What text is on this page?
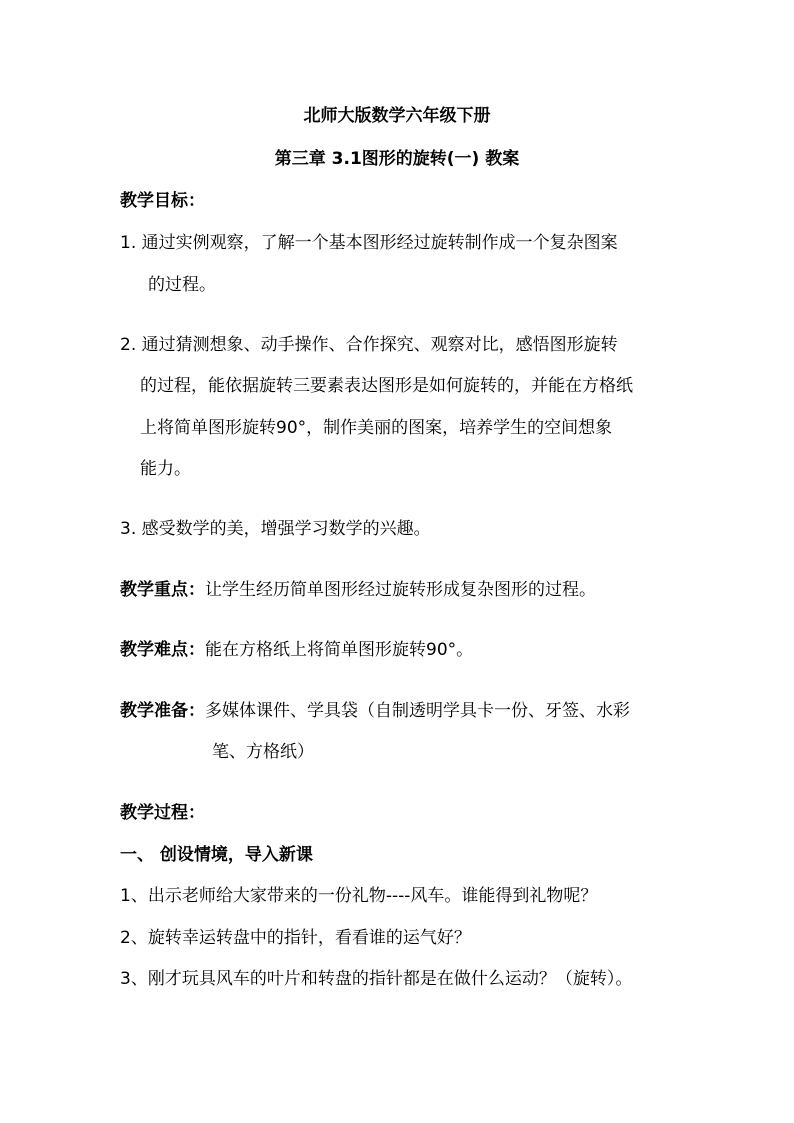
北师大版数学六年级下册
第三章 3.1图形的旋转(一) 教案
教学目标：
1. 通过实例观察，了解一个基本图形经过旋转制作成一个复杂图案
的过程。
2. 通过猜测想象、动手操作、合作探究、观察对比，感悟图形旋转
的过程，能依据旋转三要素表达图形是如何旋转的，并能在方格纸
上将简单图形旋转90°，制作美丽的图案，培养学生的空间想象
能力。
3. 感受数学的美，增强学习数学的兴趣。
教学重点：让学生经历简单图形经过旋转形成复杂图形的过程。
教学难点：能在方格纸上将简单图形旋转90°。
教学准备：多媒体课件、学具袋（自制透明学具卡一份、牙签、水彩
笔、方格纸）
教学过程：
一、 创设情境，导入新课
1、出示老师给大家带来的一份礼物----风车。谁能得到礼物呢？
2、旋转幸运转盘中的指针，看看谁的运气好？
3、刚才玩具风车的叶片和转盘的指针都是在做什么运动？（旋转）。
